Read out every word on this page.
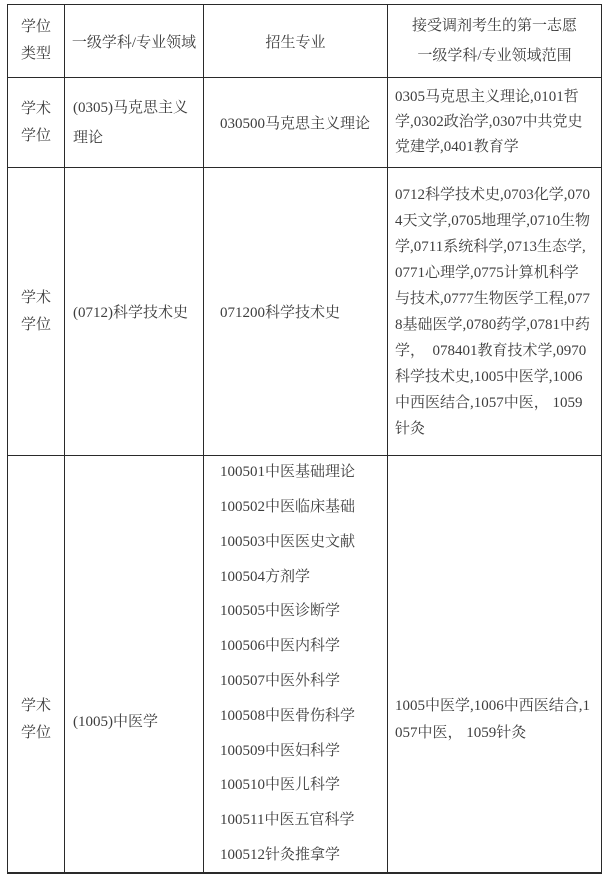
学位类型
一级学科/专业领域	招生专业
接受调剂考生的第一志愿
一级学科/专业领域范围
学术学位
(0305)马克思主义理论
030500马克思主义理论
0305马克思主义理论,0101哲学,0302政治学,0307中共党史党建学,0401教育学
学术学位
(0712)科学技术史 071200科学技术史
0712科学技术史,0703化学,0704天文学,0705地理学,0710生物学,0711系统科学,0713生态学,0771心理学,0775计算机科学与技术,0777生物医学工程,0778基础医学,0780药学,0781中药学，  078401教育技术学,0970科学技术史,1005中医学,1006中西医结合,1057中医， 1059针灸
学术学位
(1005)中医学
100501中医基础理论
100502中医临床基础
100503中医医史文献
100504方剂学
100505中医诊断学
100506中医内科学
100507中医外科学
100508中医骨伤科学
100509中医妇科学
100510中医儿科学
100511中医五官科学
100512针灸推拿学
1005中医学,1006中西医结合,1057中医， 1059针灸
